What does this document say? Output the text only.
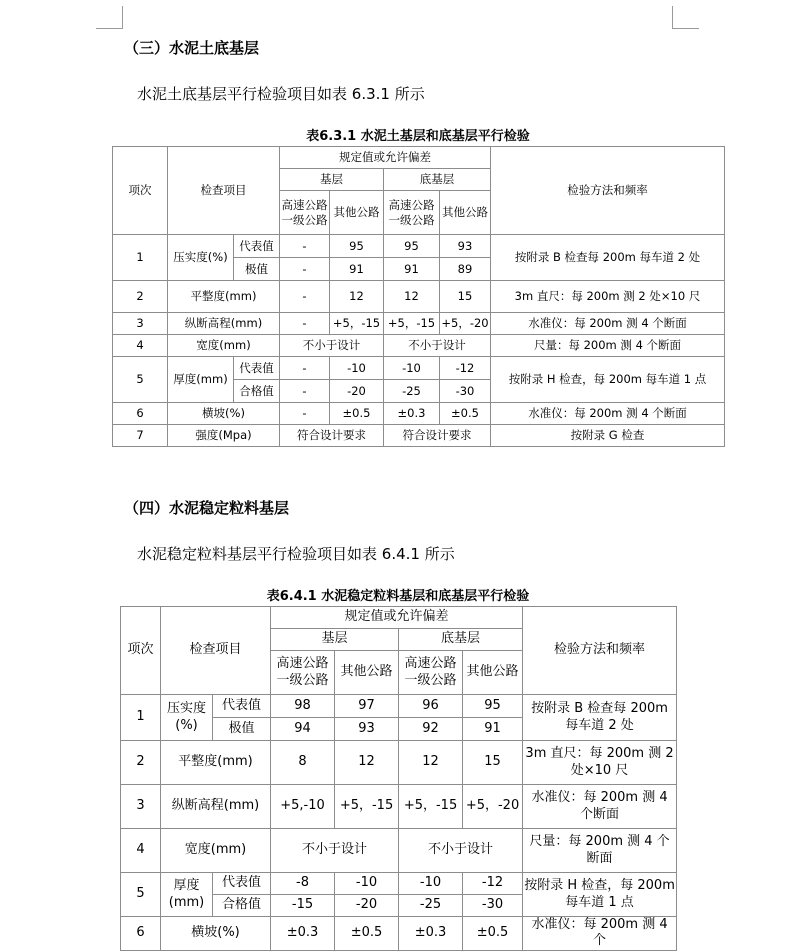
（三）水泥土底基层
水泥土底基层平行检验项目如表 6.3.1 所示
表6.3.1 水泥土基层和底基层平行检验
项次	检查项目		规定值或允许偏差				检验方法和频率
			基层		底基层		
			高速公路一级公路	其他公路	高速公路一级公路	其他公路	
1	压实度(%)	代表值	-	95	95	93	按附录 B 检查每 200m 每车道 2 处
		极值	-	91	91	89	
2	平整度(mm)		-	12	12	15	3m 直尺：每 200m 测 2 处×10 尺
3	纵断高程(mm)		-	+5，-15	+5，-15	+5，-20	水准仪：每 200m 测 4 个断面
4	宽度(mm)		不小于设计		不小于设计		尺量：每 200m 测 4 个断面
5	厚度(mm)	代表值	-	-10	-10	-12	按附录 H 检查，每 200m 每车道 1 点
		合格值	-	-20	-25	-30	
6	横坡(%)		-	±0.5	±0.3	±0.5	水准仪：每 200m 测 4 个断面
7	强度(Mpa)		符合设计要求		符合设计要求		按附录 G 检查
（四）水泥稳定粒料基层
水泥稳定粒料基层平行检验项目如表 6.4.1 所示
表6.4.1 水泥稳定粒料基层和底基层平行检验
项次	检查项目		规定值或允许偏差				检验方法和频率
			基层		底基层		
			高速公路一级公路	其他公路	高速公路一级公路	其他公路	
1	压实度(%)	代表值	98	97	96	95	按附录 B 检查每 200m 每车道 2 处
		极值	94	93	92	91	
2	平整度(mm)		8	12	12	15	3m 直尺：每 200m 测 2 处×10 尺
3	纵断高程(mm)		+5,-10	+5，-15	+5，-15	+5，-20	水准仪：每 200m 测 4 个断面
4	宽度(mm)		不小于设计		不小于设计		尺量：每 200m 测 4 个断面
5	厚度(mm)	代表值	-8	-10	-10	-12	按附录 H 检查，每 200m 每车道 1 点
		合格值	-15	-20	-25	-30	
6	横坡(%)		±0.3	±0.5	±0.3	±0.5	水准仪：每 200m 测 4 个
